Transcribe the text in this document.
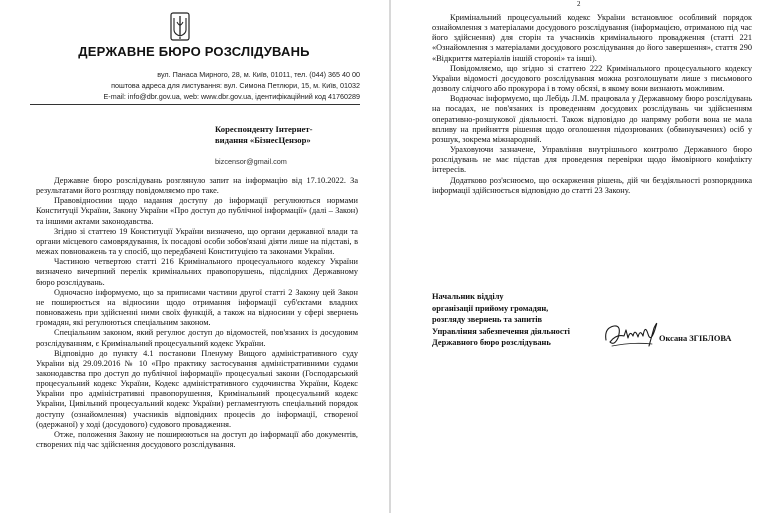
ДЕРЖАВНЕ БЮРО РОЗСЛІДУВАНЬ
вул. Панаса Мирного, 28, м. Київ, 01011, тел. (044) 365 40 00
поштова адреса для листування: вул. Симона Петлюри, 15, м. Київ, 01032
E-mail: info@dbr.gov.ua, web: www.dbr.gov.ua, ідентифікаційний код 41760289
Кореспонденту Інтернет-
видання «БізнесЦензор»
bizcensor@gmail.com

Державне бюро розслідувань розглянуло запит на інформацію від 17.10.2022. За результатами його розгляду повідомляємо про таке.

Правовідносини щодо надання доступу до інформації регулюються нормами Конституції України, Закону України «Про доступ до публічної інформації» (далі – Закон) та іншими актами законодавства.

Згідно зі статтею 19 Конституції України визначено, що органи державної влади та органи місцевого самоврядування, їх посадові особи зобов'язані діяти лише на підставі, в межах повноважень та у спосіб, що передбачені Конституцією та законами України.

Частиною четвертою статті 216 Кримінального процесуального кодексу України визначено вичерпний перелік кримінальних правопорушень, підслідних Державному бюро розслідувань.

Одночасно інформуємо, що за приписами частини другої статті 2 Закону цей Закон не поширюється на відносини щодо отримання інформації суб'єктами владних повноважень при здійсненні ними своїх функцій, а також на відносини у сфері звернень громадян, які регулюються спеціальним законом.

Спеціальним законом, який регулює доступ до відомостей, пов'язаних із досудовим розслідуванням, є Кримінальний процесуальний кодекс України.

Відповідно до пункту 4.1 постанови Пленуму Вищого адміністративного суду України від 29.09.2016 № 10 «Про практику застосування адміністративними судами законодавства про доступ до публічної інформації» процесуальні закони (Господарський процесуальний кодекс України, Кодекс адміністративного судочинства України, Кодекс України про адміністративні правопорушення, Кримінальний процесуальний кодекс України, Цивільний процесуальний кодекс України) регламентують спеціальний порядок доступу (ознайомлення) учасників відповідних процесів до інформації, створеної (одержаної) у ході (досудового) судового провадження.

Отже, положення Закону не поширюються на доступ до інформації або документів, створених під час здійснення досудового розслідування.

2

Кримінальний процесуальний кодекс України встановлює особливий порядок ознайомлення з матеріалами досудового розслідування (інформацією, отриманою під час його здійснення) для сторін та учасників кримінального провадження (статті 221 «Ознайомлення з матеріалами досудового розслідування до його завершення», стаття 290 «Відкриття матеріалів іншій стороні» та інші).

Повідомляємо, що згідно зі статтею 222 Кримінального процесуального кодексу України відомості досудового розслідування можна розголошувати лише з письмового дозволу слідчого або прокурора і в тому обсязі, в якому вони визнають можливим.

Водночас інформуємо, що Лебідь Л.М. працювала у Державному бюро розслідувань на посадах, не пов'язаних із проведенням досудових розслідувань чи здійсненням оперативно-розшукової діяльності. Також відповідно до напряму роботи вона не мала впливу на прийняття рішення щодо оголошення підозрюваних (обвинувачених) осіб у розшук, зокрема міжнародний.

Ураховуючи зазначене, Управління внутрішнього контролю Державного бюро розслідувань не має підстав для проведення перевірки щодо ймовірного конфлікту інтересів.

Додатково роз'яснюємо, що оскарження рішень, дій чи бездіяльності розпорядника інформації здійснюється відповідно до статті 23 Закону.

Начальник відділу
організації прийому громадян,
розгляду звернень та запитів
Управління забезпечення діяльності
Державного бюро розслідувань	Оксана ЗГІБЛОВА
